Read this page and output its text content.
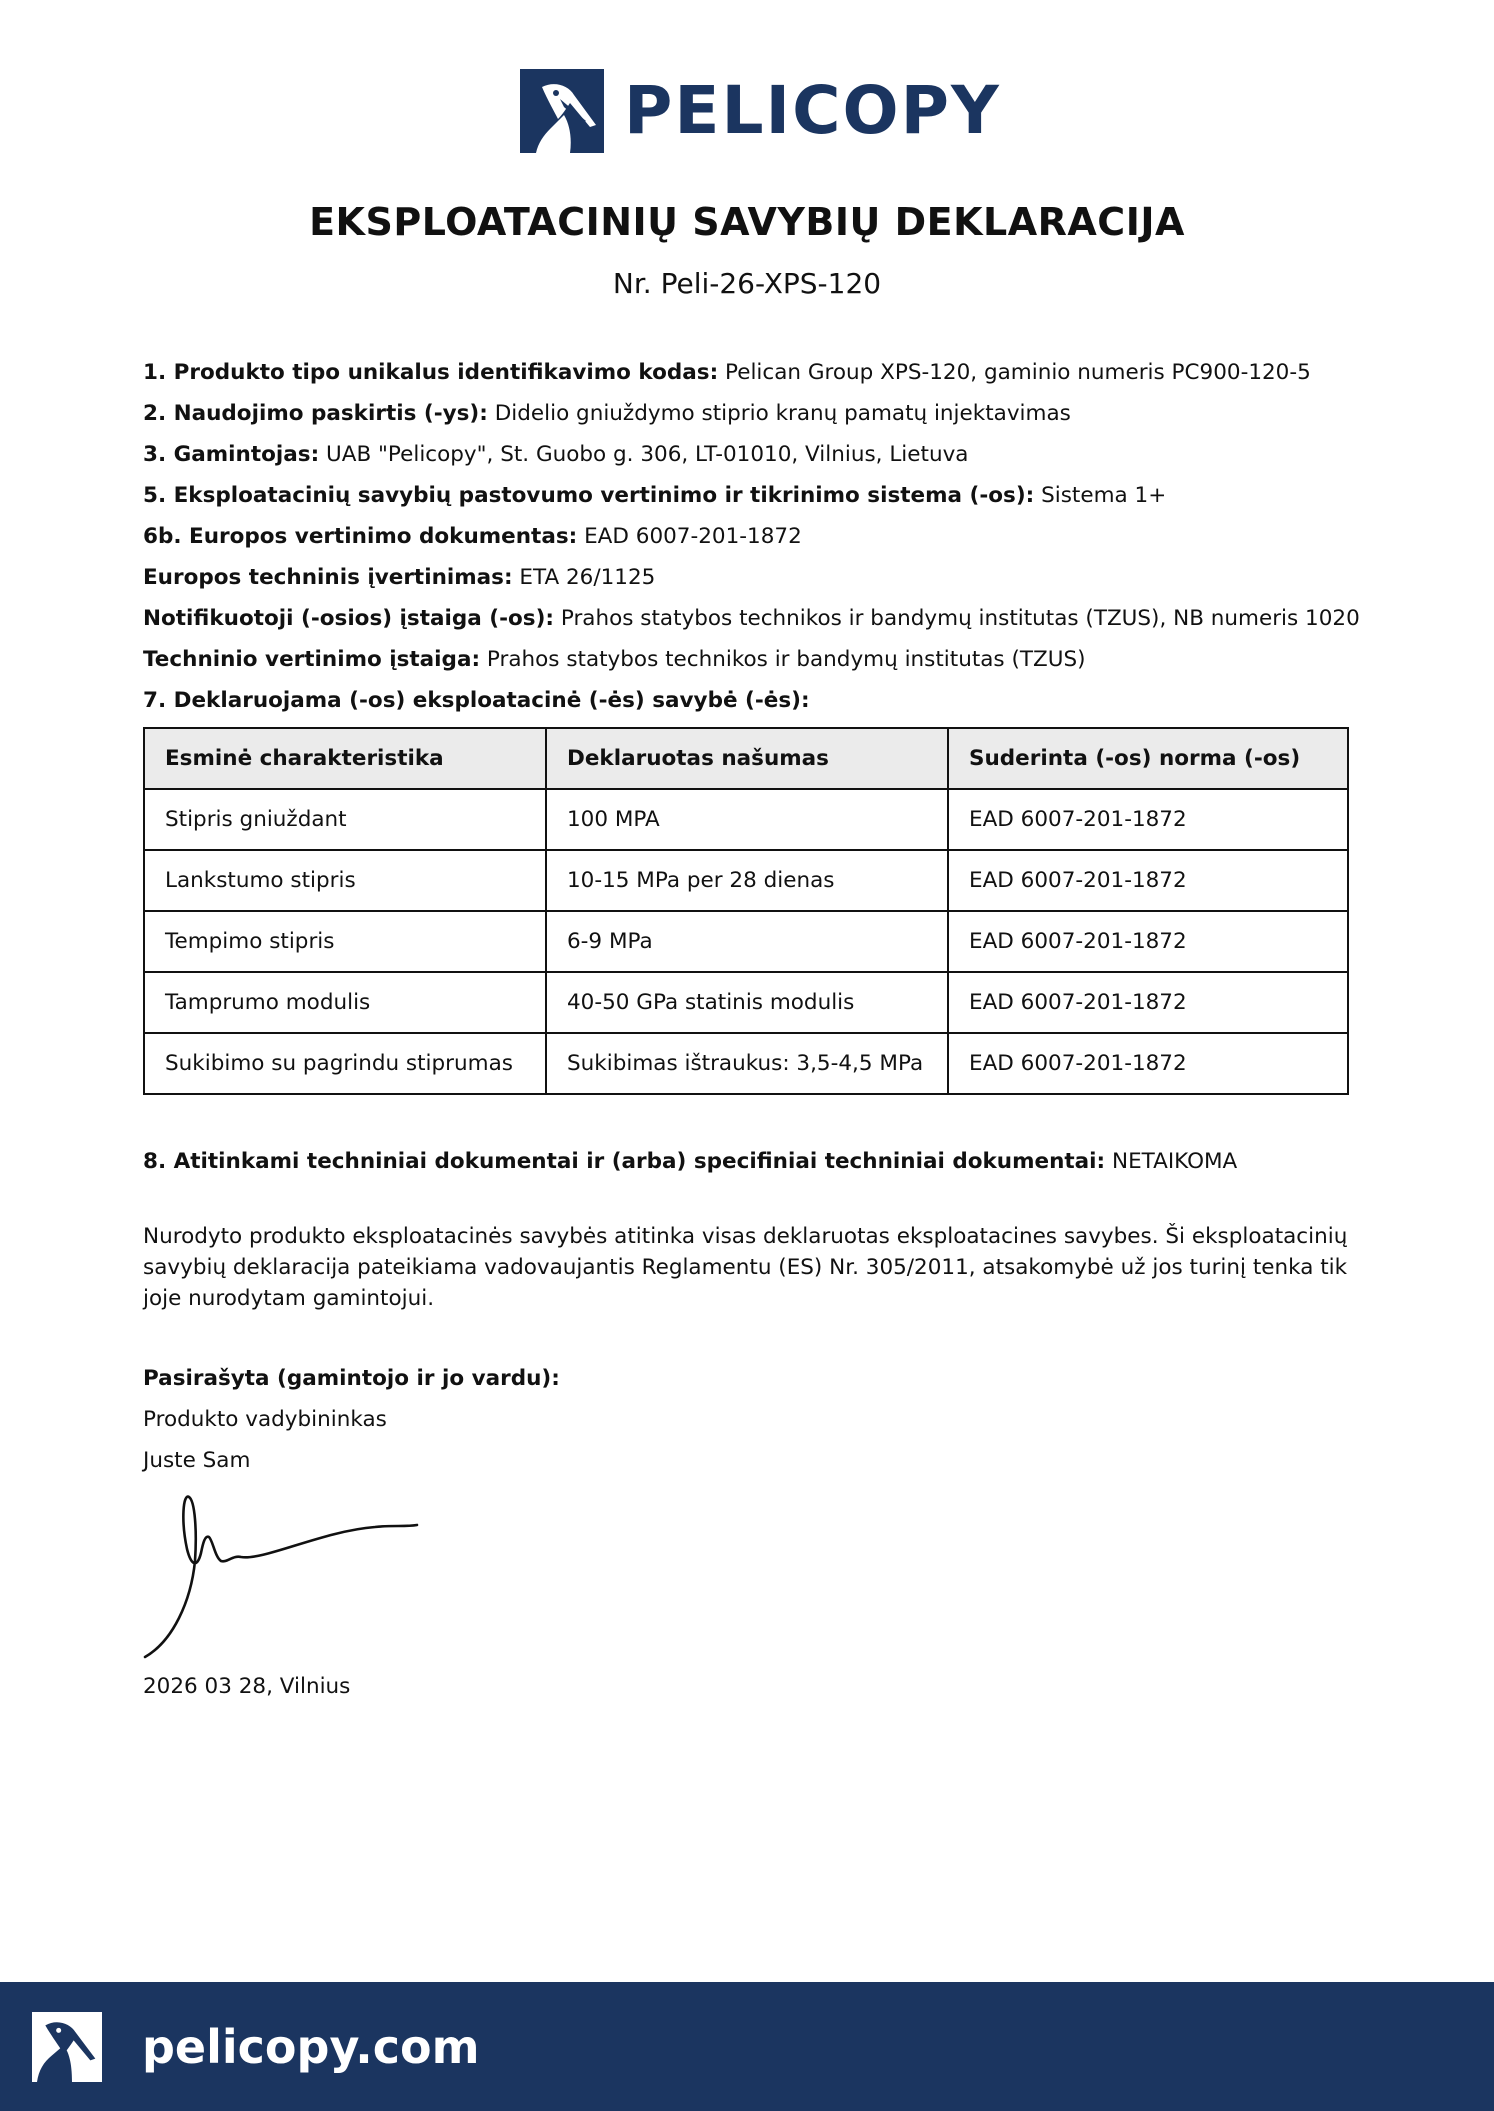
PELICOPY
EKSPLOATACINIŲ SAVYBIŲ DEKLARACIJA
Nr. Peli-26-XPS-120
1. Produkto tipo unikalus identifikavimo kodas: Pelican Group XPS-120, gaminio numeris PC900-120-5
2. Naudojimo paskirtis (-ys): Didelio gniuždymo stiprio kranų pamatų injektavimas
3. Gamintojas: UAB "Pelicopy", St. Guobo g. 306, LT-01010, Vilnius, Lietuva
5. Eksploatacinių savybių pastovumo vertinimo ir tikrinimo sistema (-os): Sistema 1+
6b. Europos vertinimo dokumentas: EAD 6007-201-1872
Europos techninis įvertinimas: ETA 26/1125
Notifikuotoji (-osios) įstaiga (-os): Prahos statybos technikos ir bandymų institutas (TZUS), NB numeris 1020
Techninio vertinimo įstaiga: Prahos statybos technikos ir bandymų institutas (TZUS)
7. Deklaruojama (-os) eksploatacinė (-ės) savybė (-ės):
Esminė charakteristika	Deklaruotas našumas	Suderinta (-os) norma (-os)
Stipris gniuždant	100 MPA	EAD 6007-201-1872
Lankstumo stipris	10-15 MPa per 28 dienas	EAD 6007-201-1872
Tempimo stipris	6-9 MPa	EAD 6007-201-1872
Tamprumo modulis	40-50 GPa statinis modulis	EAD 6007-201-1872
Sukibimo su pagrindu stiprumas	Sukibimas ištraukus: 3,5-4,5 MPa	EAD 6007-201-1872
8. Atitinkami techniniai dokumentai ir (arba) specifiniai techniniai dokumentai: NETAIKOMA
Nurodyto produkto eksploatacinės savybės atitinka visas deklaruotas eksploatacines savybes. Ši eksploatacinių savybių deklaracija pateikiama vadovaujantis Reglamentu (ES) Nr. 305/2011, atsakomybė už jos turinį tenka tik joje nurodytam gamintojui.
Pasirašyta (gamintojo ir jo vardu):
Produkto vadybininkas
Juste Sam
2026 03 28, Vilnius
pelicopy.com
